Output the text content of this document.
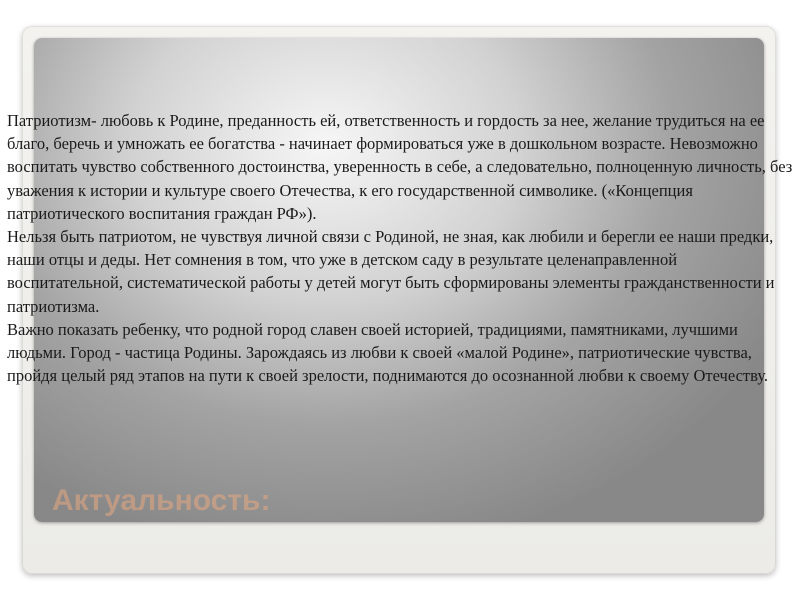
Актуальность:

Патриотизм- любовь к Родине, преданность ей, ответственность и гордость за нее, желание трудиться на ее благо, беречь и умножать ее богатства - начинает формироваться уже в дошкольном возрасте. Невозможно воспитать чувство собственного достоинства, уверенность в себе, а следовательно, полноценную личность, без уважения к истории и культуре своего Отечества, к его государственной символике. («Концепция патриотического воспитания граждан РФ»).

Нельзя быть патриотом, не чувствуя личной связи с Родиной, не зная, как любили и берегли ее наши предки, наши отцы и деды. Нет сомнения в том, что уже в детском саду в результате целенаправленной воспитательной, систематической работы у детей могут быть сформированы элементы гражданственности и патриотизма.

Важно показать ребенку, что родной город славен своей историей, традициями, памятниками, лучшими людьми. Город - частица Родины. Зарождаясь из любви к своей «малой Родине», патриотические чувства, пройдя целый ряд этапов на пути к своей зрелости, поднимаются до осознанной любви к своему Отечеству.
